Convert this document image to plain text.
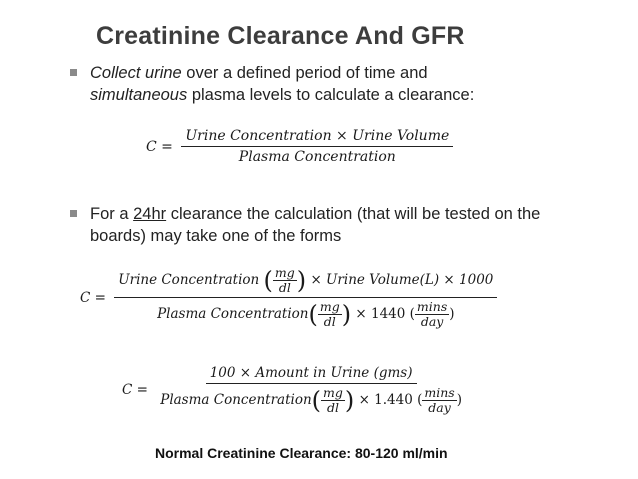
Creatinine Clearance And GFR
Collect urine over a defined period of time and
simultaneous plasma levels to calculate a clearance:
$C = \frac{\text{Urine Concentration × Urine Volume}}{\text{Plasma Concentration}}$
For a 24hr clearance the calculation (that will be tested on the boards) may take one of the forms
C =
Urine Concentration ( $\frac{mg}{dl}$ ) × Urine Volume(L) × 1000
Plasma Concentration( $\frac{mg}{dl}$ ) × 1440 ( $\frac{\min s}{\text{day}}$ )
$C = \frac{\text{100 × Amount in Urine (gms)}}{Plasma Concentration( \frac{mg}{dl} ) \times 1.440 ( \frac{\min s}{\text{day}} )}$
Normal Creatinine Clearance: 80-120 ml/min
